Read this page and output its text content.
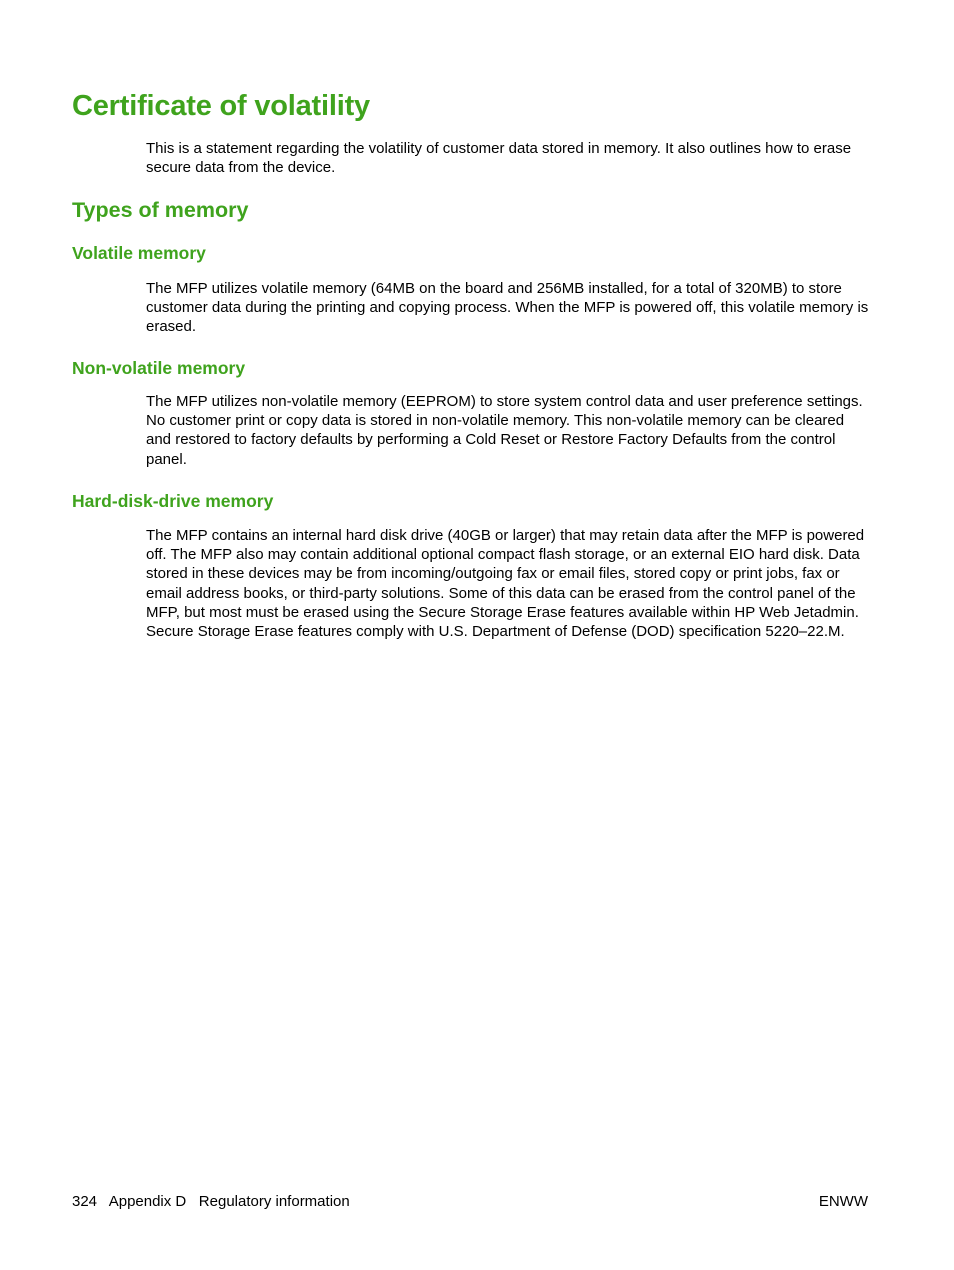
Certificate of volatility

This is a statement regarding the volatility of customer data stored in memory. It also outlines how to erase secure data from the device.

Types of memory
Volatile memory

The MFP utilizes volatile memory (64MB on the board and 256MB installed, for a total of 320MB) to store customer data during the printing and copying process. When the MFP is powered off, this volatile memory is erased.

Non-volatile memory

The MFP utilizes non-volatile memory (EEPROM) to store system control data and user preference settings. No customer print or copy data is stored in non-volatile memory. This non-volatile memory can be cleared and restored to factory defaults by performing a Cold Reset or Restore Factory Defaults from the control panel.

Hard-disk-drive memory

The MFP contains an internal hard disk drive (40GB or larger) that may retain data after the MFP is powered off. The MFP also may contain additional optional compact flash storage, or an external EIO hard disk. Data stored in these devices may be from incoming/outgoing fax or email files, stored copy or print jobs, fax or email address books, or third-party solutions. Some of this data can be erased from the control panel of the MFP, but most must be erased using the Secure Storage Erase features available within HP Web Jetadmin. Secure Storage Erase features comply with U.S. Department of Defense (DOD) specification 5220–22.M.

324 Appendix D Regulatory information	ENWW
